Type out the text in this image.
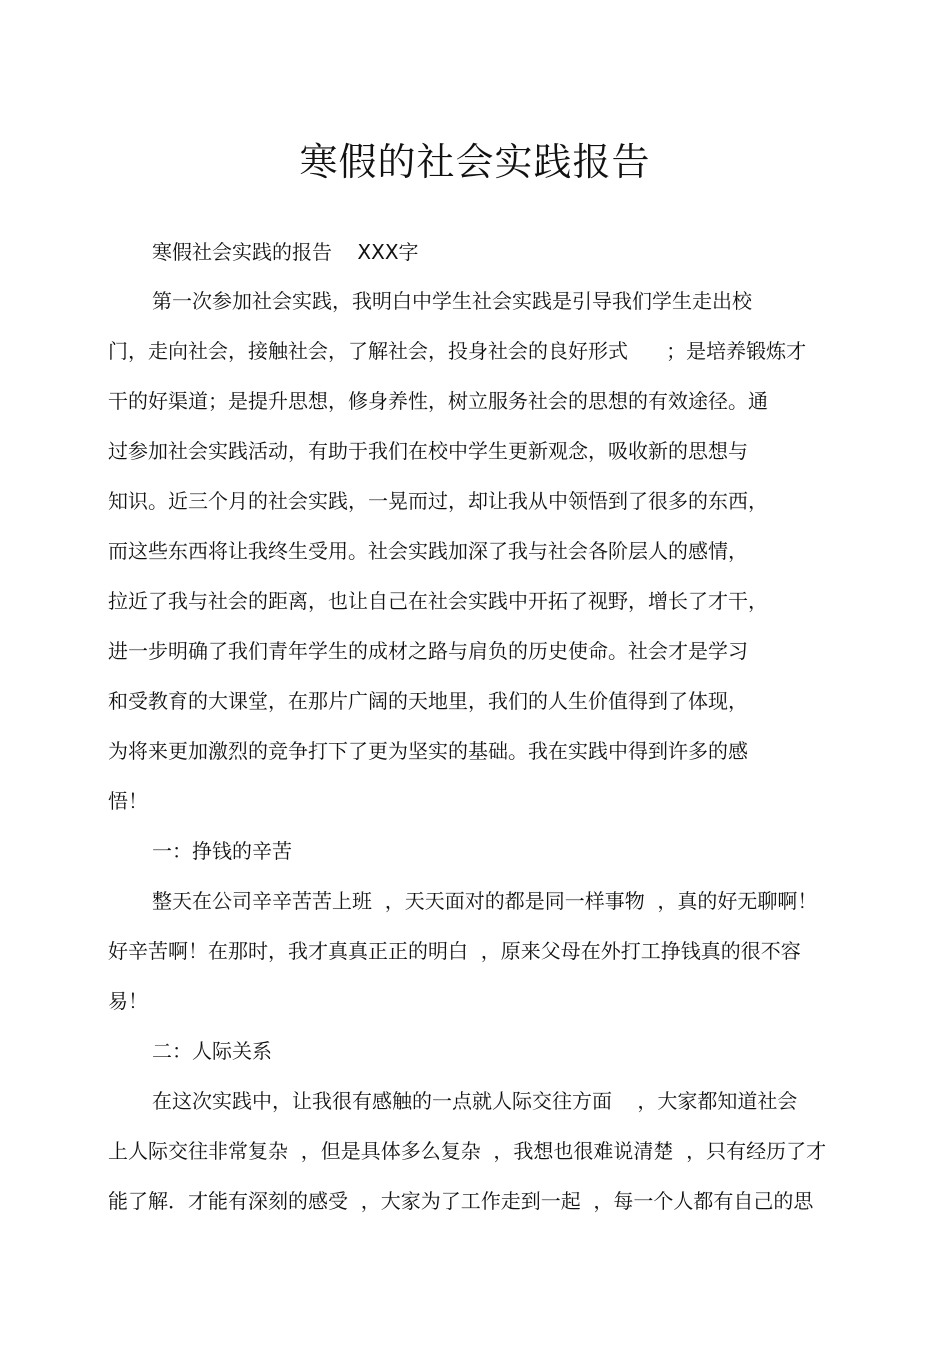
寒假的社会实践报告
寒假社会实践的报告    XXX字
第一次参加社会实践，我明白中学生社会实践是引导我们学生走出校
门，走向社会，接触社会，了解社会，投身社会的良好形式      ；是培养锻炼才
干的好渠道；是提升思想，修身养性，树立服务社会的思想的有效途径。通
过参加社会实践活动，有助于我们在校中学生更新观念，吸收新的思想与
知识。近三个月的社会实践，一晃而过，却让我从中领悟到了很多的东西，
而这些东西将让我终生受用。社会实践加深了我与社会各阶层人的感情，
拉近了我与社会的距离，也让自己在社会实践中开拓了视野，增长了才干，
进一步明确了我们青年学生的成材之路与肩负的历史使命。社会才是学习
和受教育的大课堂，在那片广阔的天地里，我们的人生价值得到了体现，
为将来更加激烈的竞争打下了更为坚实的基础。我在实践中得到许多的感
悟！
一：挣钱的辛苦
整天在公司辛辛苦苦上班  ，天天面对的都是同一样事物  ，真的好无聊啊！
好辛苦啊！在那时，我才真真正正的明白  ，原来父母在外打工挣钱真的很不容
易！
二：人际关系
在这次实践中，让我很有感触的一点就人际交往方面    ，大家都知道社会
上人际交往非常复杂  ，但是具体多么复杂  ，我想也很难说清楚  ，只有经历了才
能了解．才能有深刻的感受  ，大家为了工作走到一起  ，每一个人都有自己的思
